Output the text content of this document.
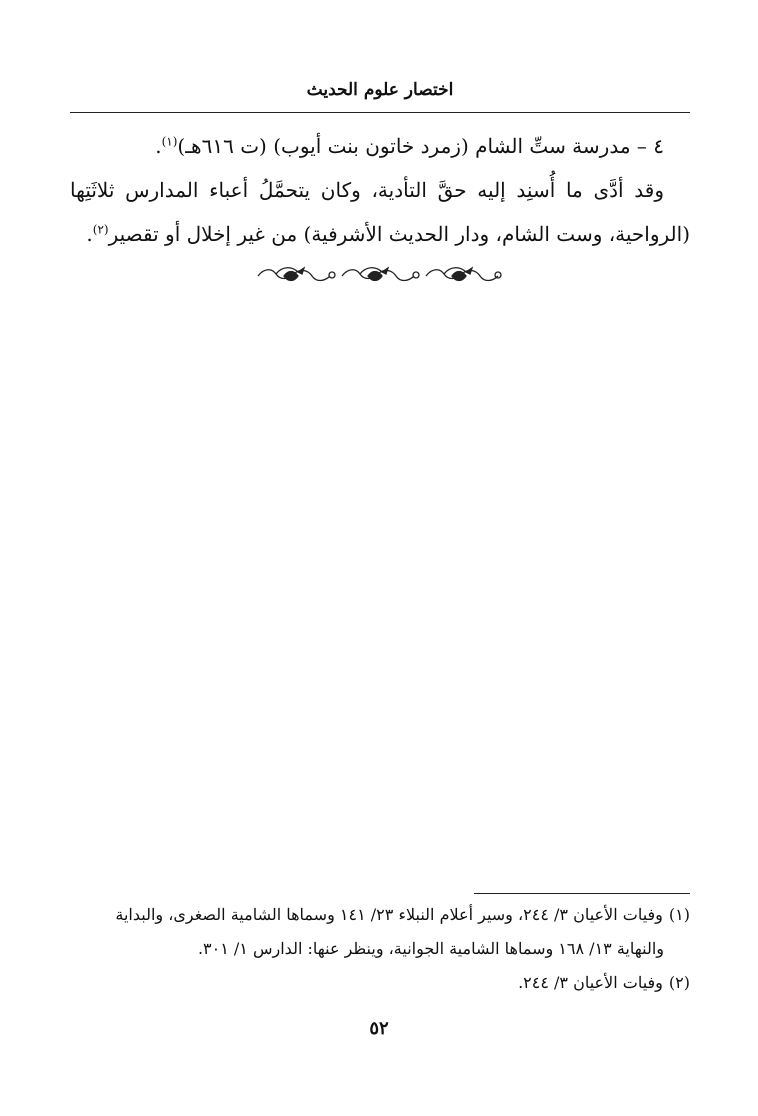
اختصار علوم الحديث

٤ – مدرسة ستِّ الشام (زمرد خاتون بنت أيوب) (ت ٦١٦هـ)$^{(١)}$.

وقد أدَّى ما أُسنِد إليه حقَّ التأدية، وكان يتحمَّلُ أعباء المدارس ثلاثَتِها (الرواحية، وست الشام، ودار الحديث الأشرفية) من غير إخلال أو تقصير$^{(٢)}$.

(١)وفيات الأعيان ٣/ ٢٤٤، وسير أعلام النبلاء ٢٣/ ١٤١ وسماها الشامية الصغرى، والبداية

والنهاية ١٣/ ١٦٨ وسماها الشامية الجوانية، وينظر عنها: الدارس ١/ ٣٠١.

(٢)وفيات الأعيان ٣/ ٢٤٤.

٥٢
